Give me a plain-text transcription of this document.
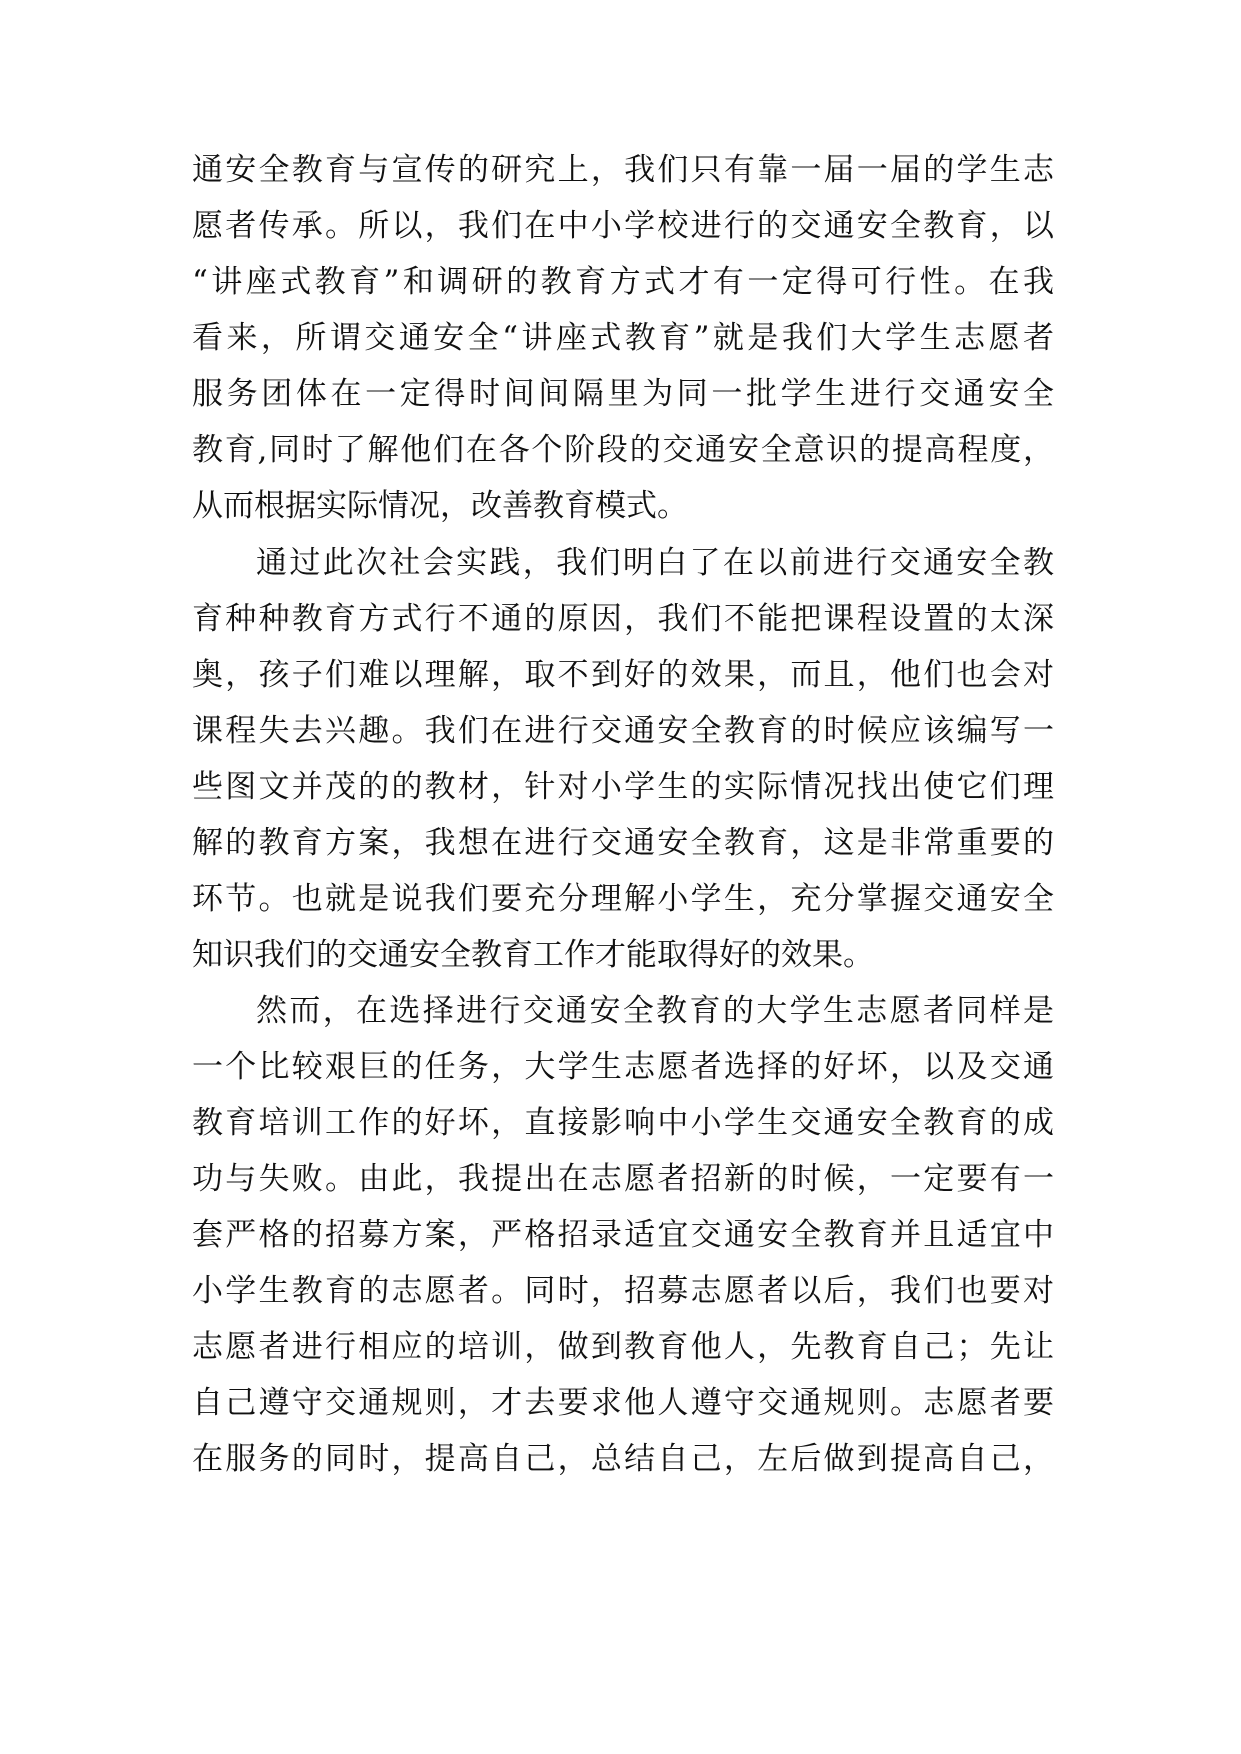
通安全教育与宣传的研究上，我们只有靠一届一届的学生志
愿者传承。所以，我们在中小学校进行的交通安全教育，以
“讲座式教育”和调研的教育方式才有一定得可行性。在我
看来，所谓交通安全“讲座式教育”就是我们大学生志愿者
服务团体在一定得时间间隔里为同一批学生进行交通安全
教育,同时了解他们在各个阶段的交通安全意识的提高程度，
从而根据实际情况，改善教育模式。
通过此次社会实践，我们明白了在以前进行交通安全教
育种种教育方式行不通的原因，我们不能把课程设置的太深
奥，孩子们难以理解，取不到好的效果，而且，他们也会对
课程失去兴趣。我们在进行交通安全教育的时候应该编写一
些图文并茂的的教材，针对小学生的实际情况找出使它们理
解的教育方案，我想在进行交通安全教育，这是非常重要的
环节。也就是说我们要充分理解小学生，充分掌握交通安全
知识我们的交通安全教育工作才能取得好的效果。
然而，在选择进行交通安全教育的大学生志愿者同样是
一个比较艰巨的任务，大学生志愿者选择的好坏，以及交通
教育培训工作的好坏，直接影响中小学生交通安全教育的成
功与失败。由此，我提出在志愿者招新的时候，一定要有一
套严格的招募方案，严格招录适宜交通安全教育并且适宜中
小学生教育的志愿者。同时，招募志愿者以后，我们也要对
志愿者进行相应的培训，做到教育他人，先教育自己；先让
自己遵守交通规则，才去要求他人遵守交通规则。志愿者要
在服务的同时，提高自己，总结自己，左后做到提高自己，
